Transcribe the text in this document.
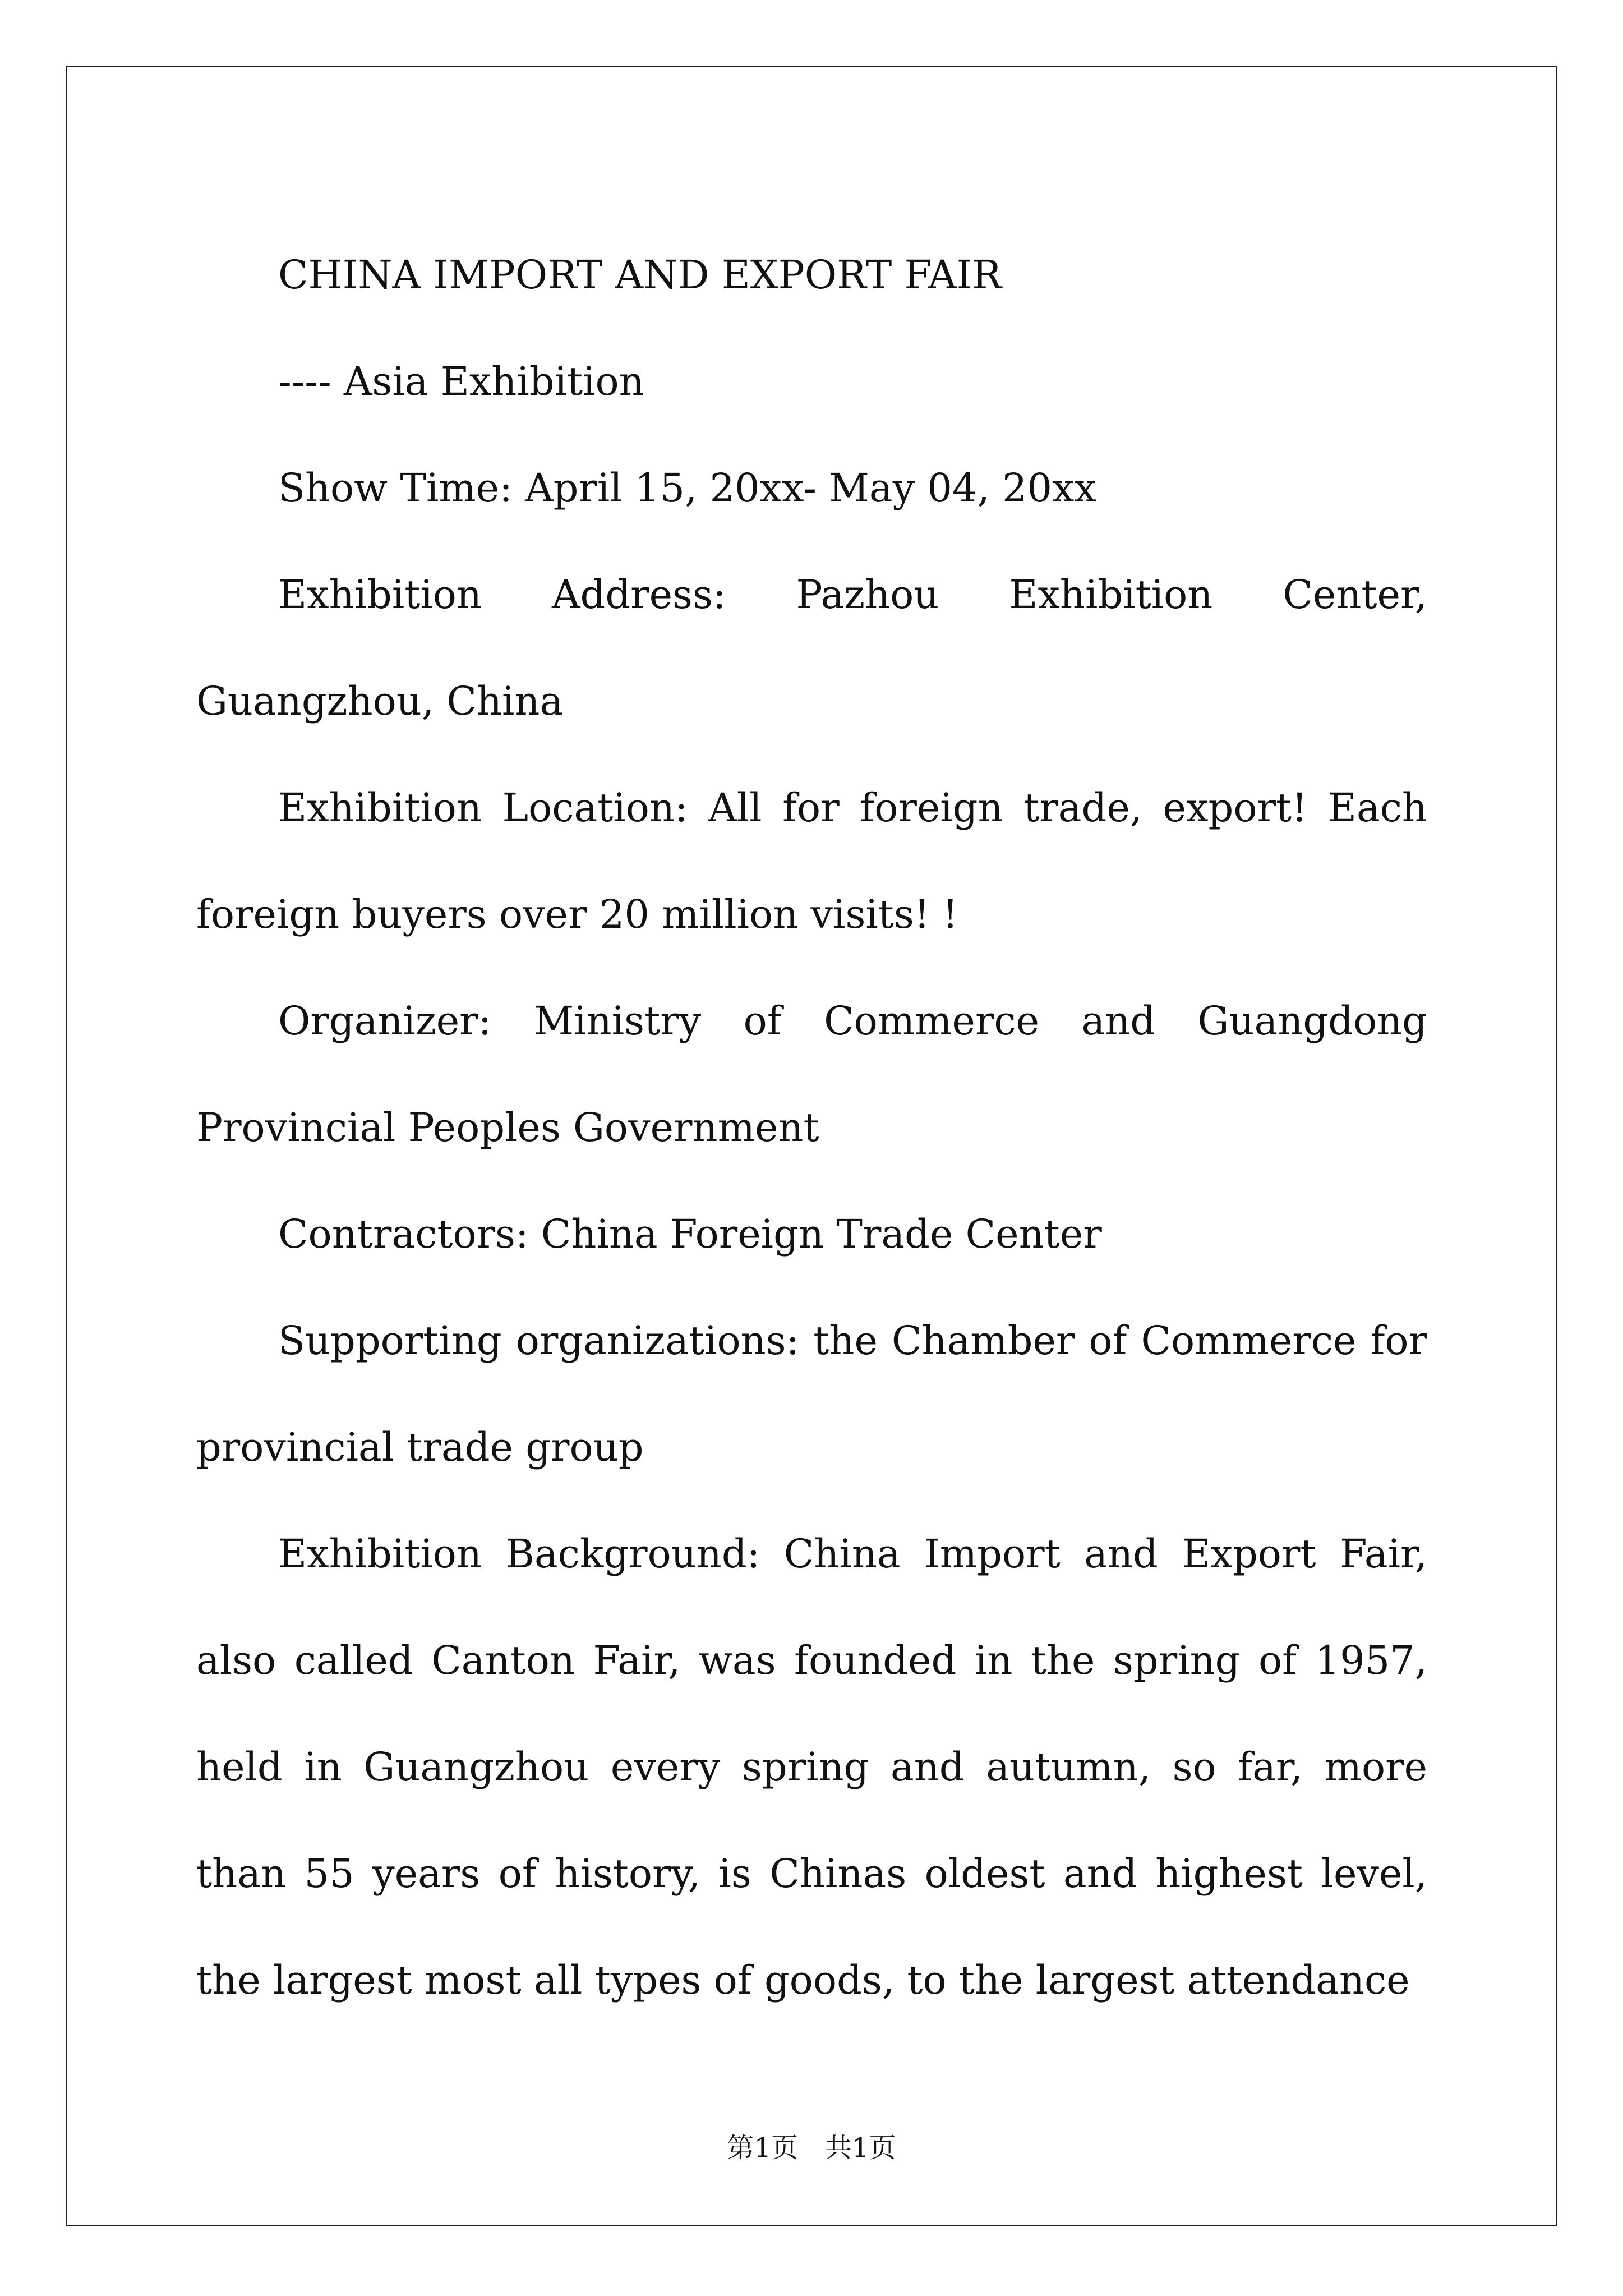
CHINA IMPORT AND EXPORT FAIR

---- Asia Exhibition

Show Time: April 15, 20xx- May 04, 20xx

Exhibition Address: Pazhou Exhibition Center, Guangzhou, China

Exhibition Location: All for foreign trade, export! Each foreign buyers over 20 million visits! !

Organizer: Ministry of Commerce and Guangdong Provincial Peoples Government

Contractors: China Foreign Trade Center

Supporting organizations: the Chamber of Commerce for provincial trade group

Exhibition Background: China Import and Export Fair, also called Canton Fair, was founded in the spring of 1957, held in Guangzhou every spring and autumn, so far, more than 55 years of history, is Chinas oldest and highest level, the largest most all types of goods, to the largest attendance

第1页　共1页
